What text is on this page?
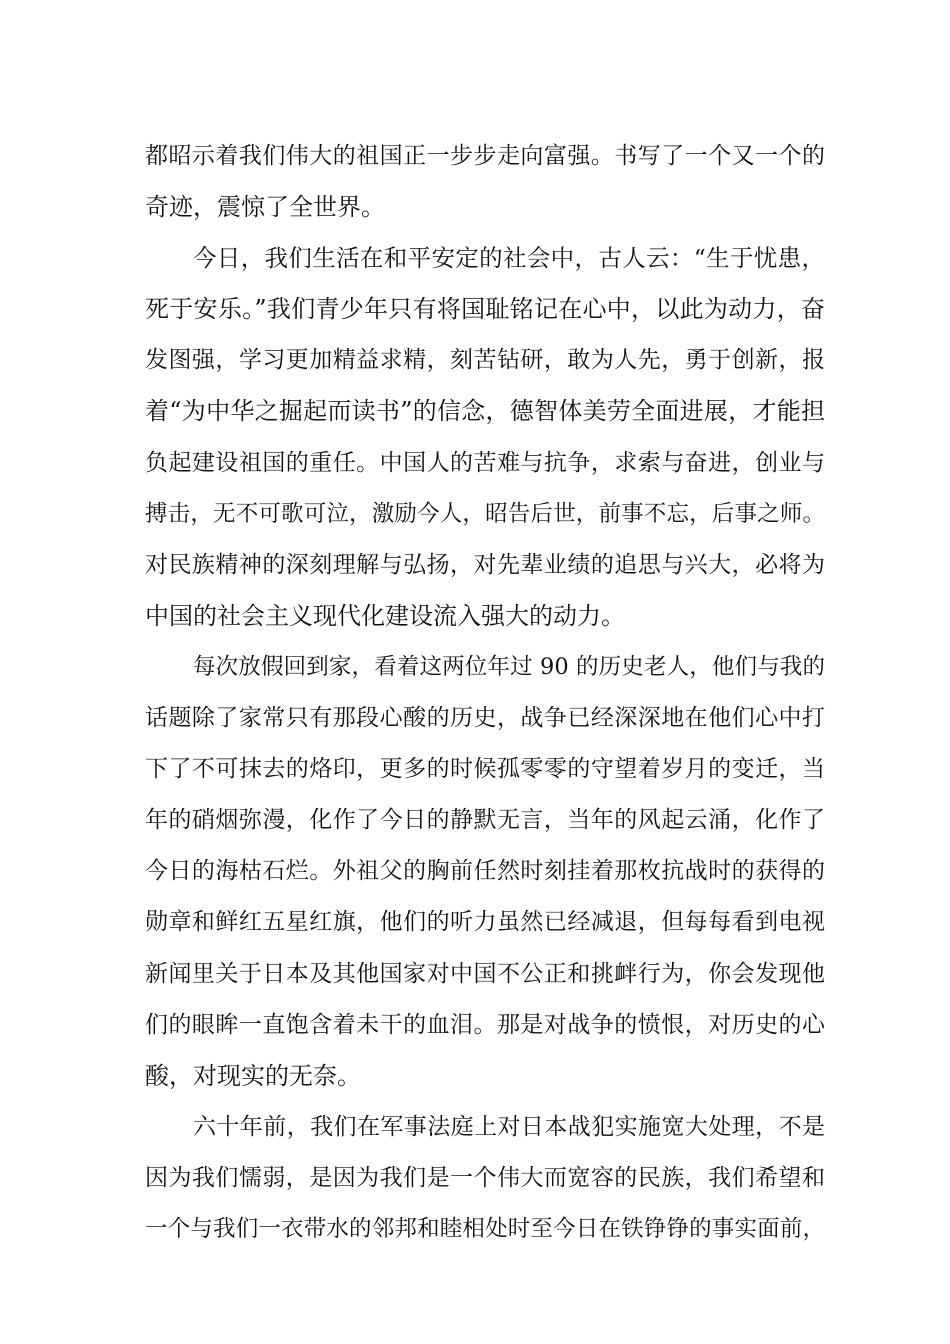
都昭示着我们伟大的祖国正一步步走向富强。书写了一个又一个的
奇迹，震惊了全世界。
今日，我们生活在和平安定的社会中，古人云：“生于忧患，
死于安乐。”我们青少年只有将国耻铭记在心中，以此为动力，奋
发图强，学习更加精益求精，刻苦钻研，敢为人先，勇于创新，报
着“为中华之掘起而读书”的信念，德智体美劳全面进展，才能担
负起建设祖国的重任。中国人的苦难与抗争，求索与奋进，创业与
搏击，无不可歌可泣，激励今人，昭告后世，前事不忘，后事之师。
对民族精神的深刻理解与弘扬，对先辈业绩的追思与兴大，必将为
中国的社会主义现代化建设流入强大的动力。
每次放假回到家，看着这两位年过 90 的历史老人，他们与我的
话题除了家常只有那段心酸的历史，战争已经深深地在他们心中打
下了不可抹去的烙印，更多的时候孤零零的守望着岁月的变迁，当
年的硝烟弥漫，化作了今日的静默无言，当年的风起云涌，化作了
今日的海枯石烂。外祖父的胸前任然时刻挂着那枚抗战时的获得的
勋章和鲜红五星红旗，他们的听力虽然已经减退，但每每看到电视
新闻里关于日本及其他国家对中国不公正和挑衅行为，你会发现他
们的眼眸一直饱含着未干的血泪。那是对战争的愤恨，对历史的心
酸，对现实的无奈。
六十年前，我们在军事法庭上对日本战犯实施宽大处理，不是
因为我们懦弱，是因为我们是一个伟大而宽容的民族，我们希望和
一个与我们一衣带水的邻邦和睦相处时至今日在铁铮铮的事实面前，
